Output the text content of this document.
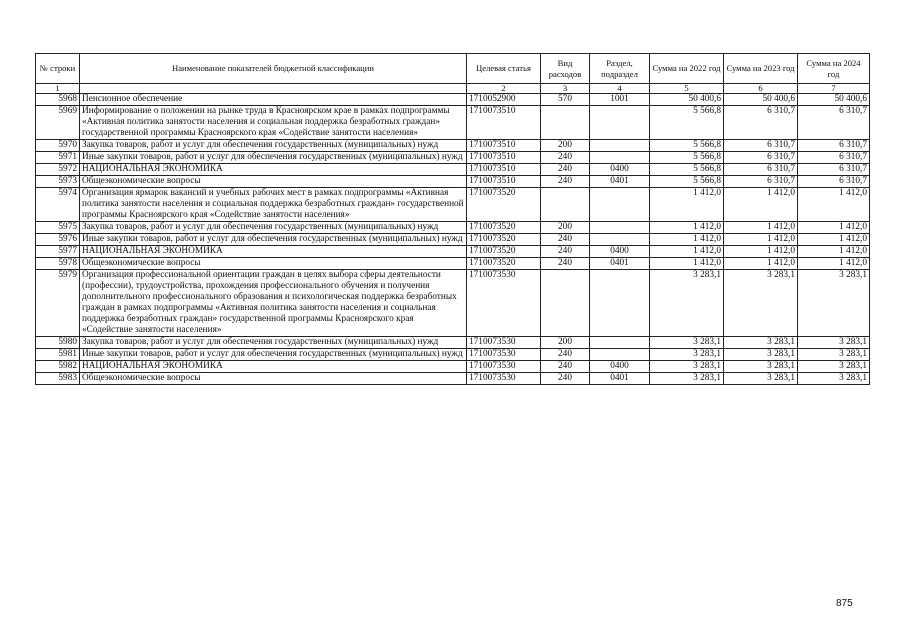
№ строки	Наименование показателей бюджетной классификации	Целевая статья	Вид расходов	Раздел, подраздел	Сумма на 2022 год	Сумма на 2023 год	Сумма на 2024 год
1		2	3	4	5	6	7
5968	Пенсионное обеспечение	1710052900	570	1001	50 400,6	50 400,6	50 400,6
5969	Информирование о положении на рынке труда в Красноярском крае в рамках подпрограммы «Активная политика занятости населения и социальная поддержка безработных граждан» государственной программы Красноярского края «Содействие занятости населения»	1710073510			5 566,8	6 310,7	6 310,7
5970	Закупка товаров, работ и услуг для обеспечения государственных (муниципальных) нужд	1710073510	200		5 566,8	6 310,7	6 310,7
5971	Иные закупки товаров, работ и услуг для обеспечения государственных (муниципальных) нужд	1710073510	240		5 566,8	6 310,7	6 310,7
5972	НАЦИОНАЛЬНАЯ ЭКОНОМИКА	1710073510	240	0400	5 566,8	6 310,7	6 310,7
5973	Общеэкономические вопросы	1710073510	240	0401	5 566,8	6 310,7	6 310,7
5974	Организация ярмарок вакансий и учебных рабочих мест в рамках подпрограммы «Активная политика занятости населения и социальная поддержка безработных граждан» государственной программы Красноярского края «Содействие занятости населения»	1710073520			1 412,0	1 412,0	1 412,0
5975	Закупка товаров, работ и услуг для обеспечения государственных (муниципальных) нужд	1710073520	200		1 412,0	1 412,0	1 412,0
5976	Иные закупки товаров, работ и услуг для обеспечения государственных (муниципальных) нужд	1710073520	240		1 412,0	1 412,0	1 412,0
5977	НАЦИОНАЛЬНАЯ ЭКОНОМИКА	1710073520	240	0400	1 412,0	1 412,0	1 412,0
5978	Общеэкономические вопросы	1710073520	240	0401	1 412,0	1 412,0	1 412,0
5979	Организация профессиональной ориентации граждан в целях выбора сферы деятельности (профессии), трудоустройства, прохождения профессионального обучения и получения дополнительного профессионального образования и психологическая поддержка безработных граждан в рамках подпрограммы «Активная политика занятости населения и социальная поддержка безработных граждан» государственной программы Красноярского края «Содействие занятости населения»	1710073530			3 283,1	3 283,1	3 283,1
5980	Закупка товаров, работ и услуг для обеспечения государственных (муниципальных) нужд	1710073530	200		3 283,1	3 283,1	3 283,1
5981	Иные закупки товаров, работ и услуг для обеспечения государственных (муниципальных) нужд	1710073530	240		3 283,1	3 283,1	3 283,1
5982	НАЦИОНАЛЬНАЯ ЭКОНОМИКА	1710073530	240	0400	3 283,1	3 283,1	3 283,1
5983	Общеэкономические вопросы	1710073530	240	0401	3 283,1	3 283,1	3 283,1
875
